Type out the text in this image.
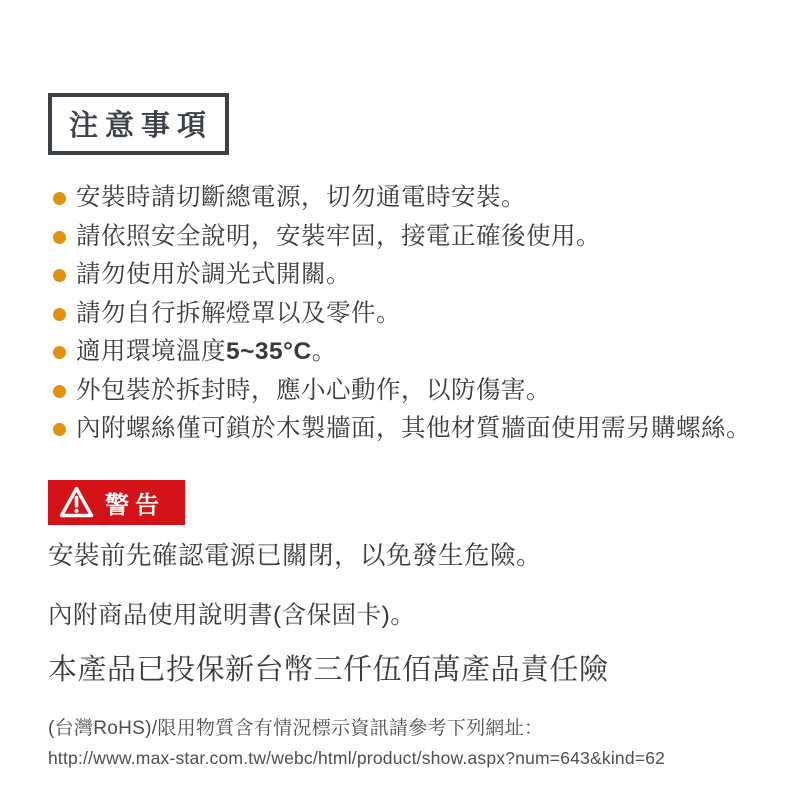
注意事項
安裝時請切斷總電源，切勿通電時安裝。
請依照安全說明，安裝牢固，接電正確後使用。
請勿使用於調光式開關。
請勿自行拆解燈罩以及零件。
適用環境溫度5~35°C。
外包裝於拆封時，應小心動作，以防傷害。
內附螺絲僅可鎖於木製牆面，其他材質牆面使用需另購螺絲。
警告
安裝前先確認電源已關閉，以免發生危險。
內附商品使用說明書(含保固卡)。
本產品已投保新台幣三仟伍佰萬產品責任險
(台灣RoHS)/限用物質含有情況標示資訊請參考下列網址：
http://www.max-star.com.tw/webc/html/product/show.aspx?num=643&kind=62
